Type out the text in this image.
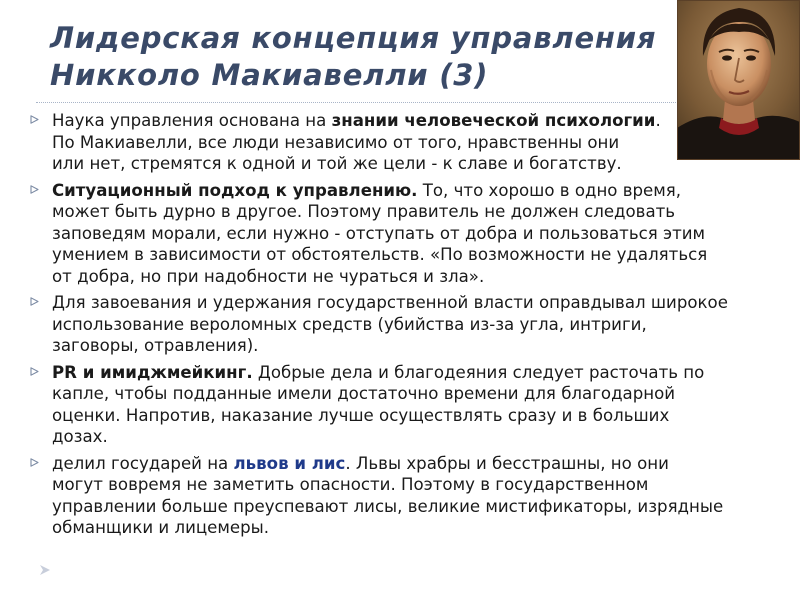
Лидерская концепция управления
Никколо Макиавелли (3)
Наука управления основана на знании человеческой психологии.
По Макиавелли, все люди независимо от того, нравственны они
или нет, стремятся к одной и той же цели - к славе и богатству.
Ситуационный подход к управлению. То, что хорошо в одно время,
может быть дурно в другое. Поэтому правитель не должен следовать
заповедям морали, если нужно - отступать от добра и пользоваться этим
умением в зависимости от обстоятельств. «По возможности не удаляться
от добра, но при надобности не чураться и зла».
Для завоевания и удержания государственной власти оправдывал широкое
использование вероломных средств (убийства из-за угла, интриги,
заговоры, отравления).
PR и имиджмейкинг. Добрые дела и благодеяния следует расточать по
капле, чтобы подданные имели достаточно времени для благодарной
оценки. Напротив, наказание лучше осуществлять сразу и в больших
дозах.
делил государей на львов и лис. Львы храбры и бесстрашны, но они
могут вовремя не заметить опасности. Поэтому в государственном
управлении больше преуспевают лисы, великие мистификаторы, изрядные
обманщики и лицемеры.
